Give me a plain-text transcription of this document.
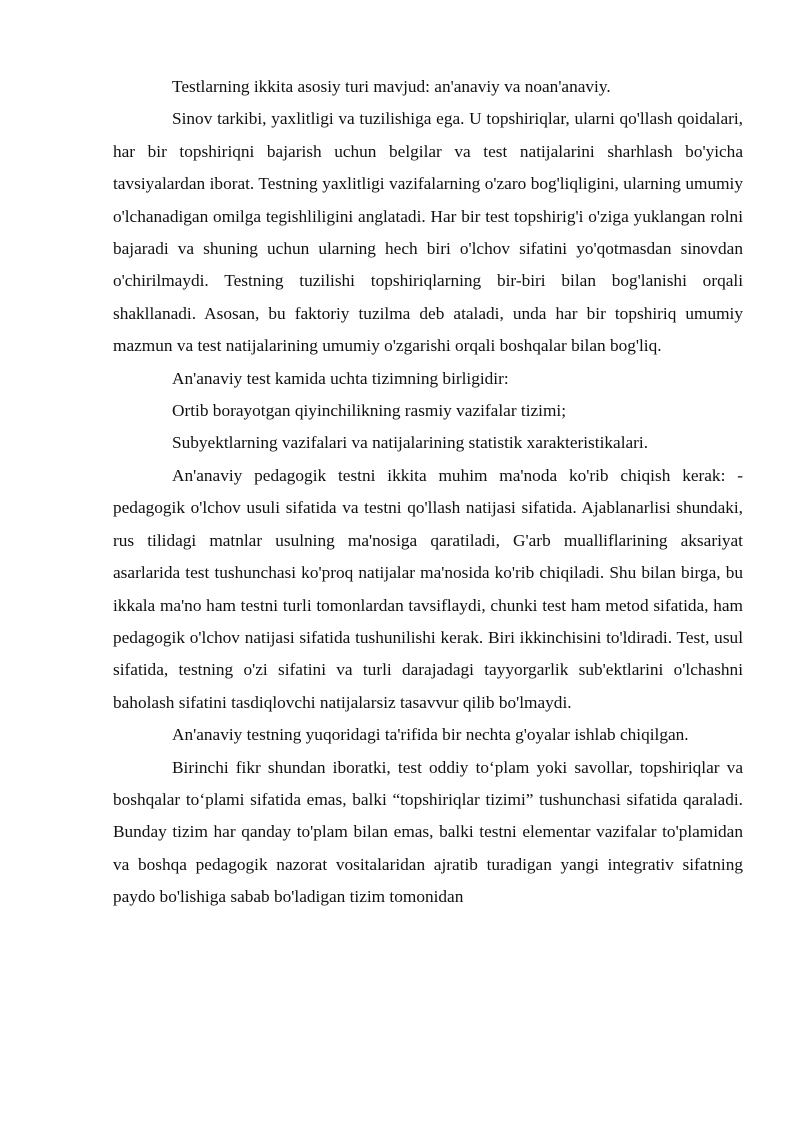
Testlarning ikkita asosiy turi mavjud: an'anaviy va noan'anaviy.

Sinov tarkibi, yaxlitligi va tuzilishiga ega. U topshiriqlar, ularni qo'llash qoidalari, har bir topshiriqni bajarish uchun belgilar va test natijalarini sharhlash bo'yicha tavsiyalardan iborat. Testning yaxlitligi vazifalarning o'zaro bog'liqligini, ularning umumiy o'lchanadigan omilga tegishliligini anglatadi. Har bir test topshirig'i o'ziga yuklangan rolni bajaradi va shuning uchun ularning hech biri o'lchov sifatini yo'qotmasdan sinovdan o'chirilmaydi. Testning tuzilishi topshiriqlarning bir-biri bilan bog'lanishi orqali shakllanadi. Asosan, bu faktoriy tuzilma deb ataladi, unda har bir topshiriq umumiy mazmun va test natijalarining umumiy o'zgarishi orqali boshqalar bilan bog'liq.

An'anaviy test kamida uchta tizimning birligidir:

Ortib borayotgan qiyinchilikning rasmiy vazifalar tizimi;

Subyektlarning vazifalari va natijalarining statistik xarakteristikalari.

An'anaviy pedagogik testni ikkita muhim ma'noda ko'rib chiqish kerak: - pedagogik o'lchov usuli sifatida va testni qo'llash natijasi sifatida. Ajablanarlisi shundaki, rus tilidagi matnlar usulning ma'nosiga qaratiladi, G'arb mualliflarining aksariyat asarlarida test tushunchasi ko'proq natijalar ma'nosida ko'rib chiqiladi. Shu bilan birga, bu ikkala ma'no ham testni turli tomonlardan tavsiflaydi, chunki test ham metod sifatida, ham pedagogik o'lchov natijasi sifatida tushunilishi kerak. Biri ikkinchisini to'ldiradi. Test, usul sifatida, testning o'zi sifatini va turli darajadagi tayyorgarlik sub'ektlarini o'lchashni baholash sifatini tasdiqlovchi natijalarsiz tasavvur qilib bo'lmaydi.

An'anaviy testning yuqoridagi ta'rifida bir nechta g'oyalar ishlab chiqilgan.

Birinchi fikr shundan iboratki, test oddiy to‘plam yoki savollar, topshiriqlar va boshqalar to‘plami sifatida emas, balki “topshiriqlar tizimi” tushunchasi sifatida qaraladi. Bunday tizim har qanday to'plam bilan emas, balki testni elementar vazifalar to'plamidan va boshqa pedagogik nazorat vositalaridan ajratib turadigan yangi integrativ sifatning paydo bo'lishiga sabab bo'ladigan tizim tomonidan
